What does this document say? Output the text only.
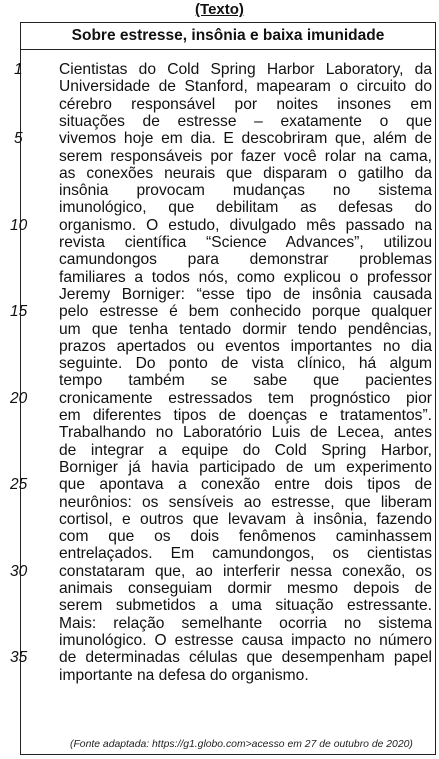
(Texto)
Sobre estresse, insônia e baixa imunidade
Cientistas do Cold Spring Harbor Laboratory, da
Universidade de Stanford, mapearam o circuito do
cérebro responsável por noites insones em
situações de estresse – exatamente o que
vivemos hoje em dia. E descobriram que, além de
serem responsáveis por fazer você rolar na cama,
as conexões neurais que disparam o gatilho da
insônia provocam mudanças no sistema
imunológico, que debilitam as defesas do
organismo. O estudo, divulgado mês passado na
revista científica “Science Advances”, utilizou
camundongos para demonstrar problemas
familiares a todos nós, como explicou o professor
Jeremy Borniger: “esse tipo de insônia causada
pelo estresse é bem conhecido porque qualquer
um que tenha tentado dormir tendo pendências,
prazos apertados ou eventos importantes no dia
seguinte. Do ponto de vista clínico, há algum
tempo também se sabe que pacientes
cronicamente estressados tem prognóstico pior
em diferentes tipos de doenças e tratamentos”.
Trabalhando no Laboratório Luis de Lecea, antes
de integrar a equipe do Cold Spring Harbor,
Borniger já havia participado de um experimento
que apontava a conexão entre dois tipos de
neurônios: os sensíveis ao estresse, que liberam
cortisol, e outros que levavam à insônia, fazendo
com que os dois fenômenos caminhassem
entrelaçados. Em camundongos, os cientistas
constataram que, ao interferir nessa conexão, os
animais conseguiam dormir mesmo depois de
serem submetidos a uma situação estressante.
Mais: relação semelhante ocorria no sistema
imunológico. O estresse causa impacto no número
de determinadas células que desempenham papel
importante na defesa do organismo.
1
5
10
15
20
25
30
35
(Fonte adaptada: https://g1.globo.com>acesso em 27 de outubro de 2020)
